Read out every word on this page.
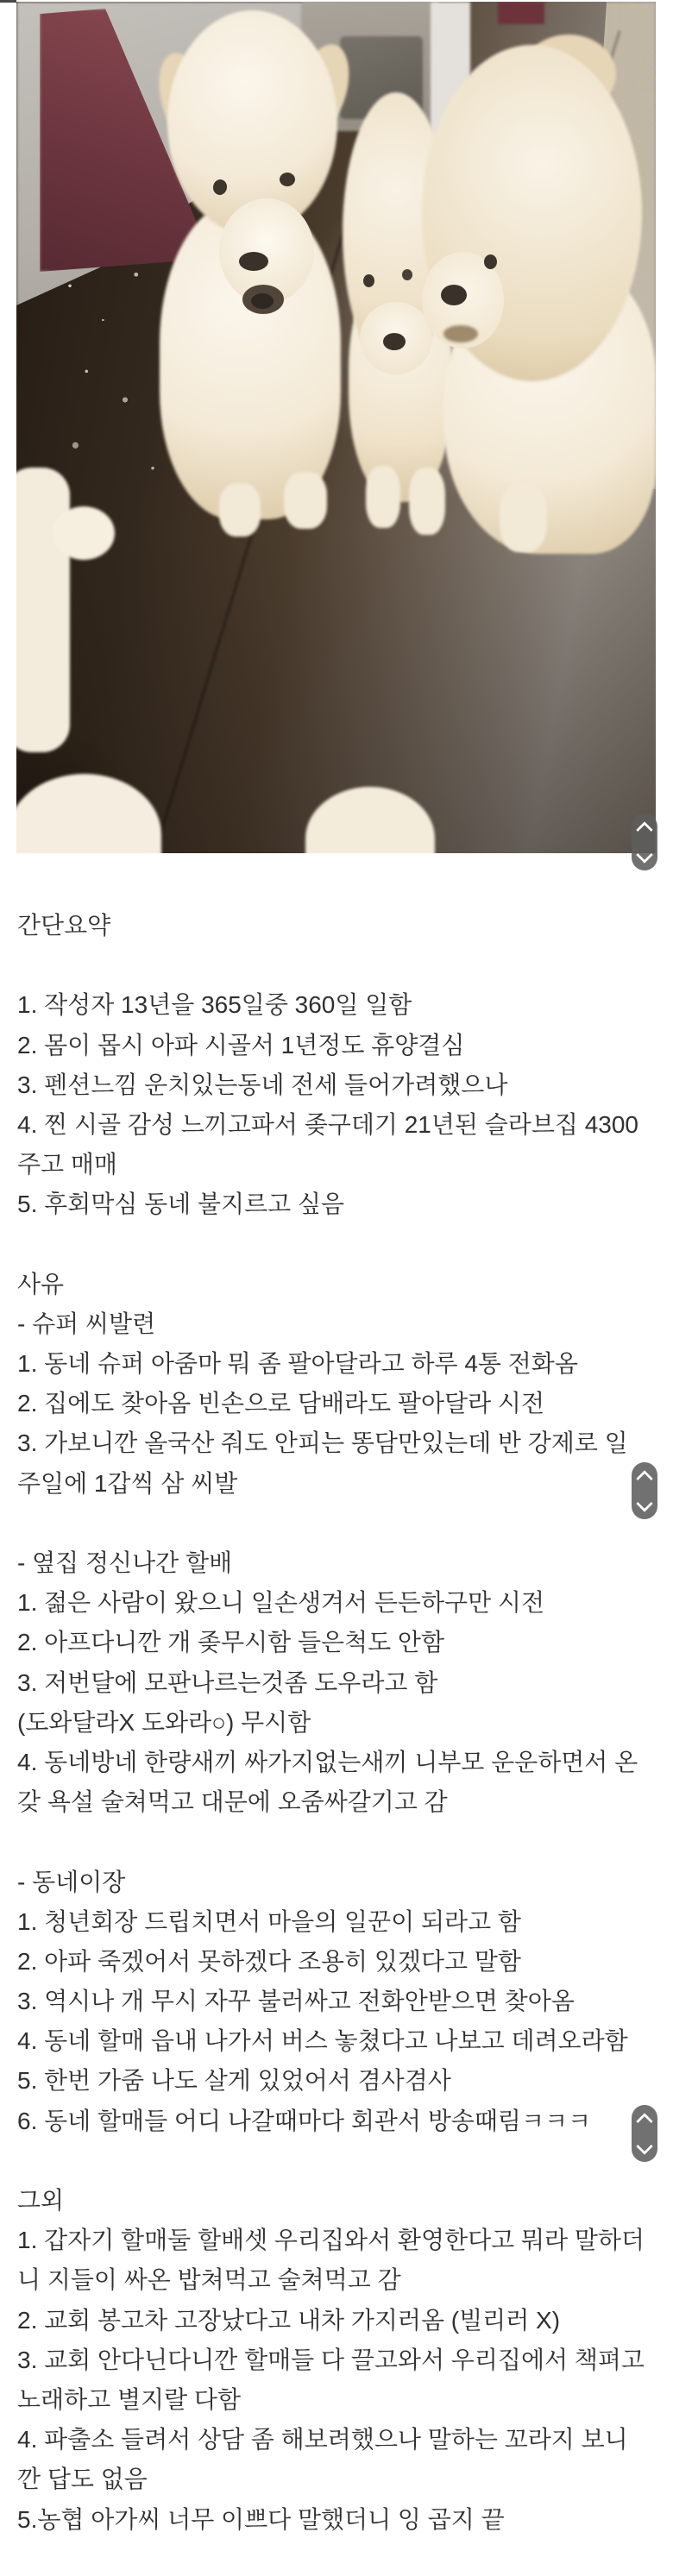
간단요약
1. 작성자 13년을 365일중 360일 일함
2. 몸이 몹시 아파 시골서 1년정도 휴양결심
3. 펜션느낌 운치있는동네 전세 들어가려했으나
4. 찐 시골 감성 느끼고파서 좆구데기 21년된 슬라브집 4300
주고 매매
5. 후회막심 동네 불지르고 싶음
사유
- 슈퍼 씨발련
1. 동네 슈퍼 아줌마 뭐 좀 팔아달라고 하루 4통 전화옴
2. 집에도 찾아옴 빈손으로 담배라도 팔아달라 시전
3. 가보니깐 올국산 줘도 안피는 똥담만있는데 반 강제로 일
주일에 1갑씩 삼 씨발
- 옆집 정신나간 할배
1. 젊은 사람이 왔으니 일손생겨서 든든하구만 시전
2. 아프다니깐 개 좆무시함 들은척도 안함
3. 저번달에 모판나르는것좀 도우라고 함
(도와달라X 도와라○) 무시함
4. 동네방네 한량새끼 싸가지없는새끼 니부모 운운하면서 온
갖 욕설 술쳐먹고 대문에 오줌싸갈기고 감
- 동네이장
1. 청년회장 드립치면서 마을의 일꾼이 되라고 함
2. 아파 죽겠어서 못하겠다 조용히 있겠다고 말함
3. 역시나 개 무시 자꾸 불러싸고 전화안받으면 찾아옴
4. 동네 할매 읍내 나가서 버스 놓쳤다고 나보고 데려오라함
5. 한번 가줌 나도 살게 있었어서 겸사겸사
6. 동네 할매들 어디 나갈때마다 회관서 방송때림ㅋㅋㅋ
그외
1. 갑자기 할매둘 할배셋 우리집와서 환영한다고 뭐라 말하더
니 지들이 싸온 밥쳐먹고 술쳐먹고 감
2. 교회 봉고차 고장났다고 내차 가지러옴 (빌리러 X)
3. 교회 안다닌다니깐 할매들 다 끌고와서 우리집에서 책펴고
노래하고 별지랄 다함
4. 파출소 들려서 상담 좀 해보려했으나 말하는 꼬라지 보니
깐 답도 없음
5.농협 아가씨 너무 이쁘다 말했더니 잉 곱지 끝
